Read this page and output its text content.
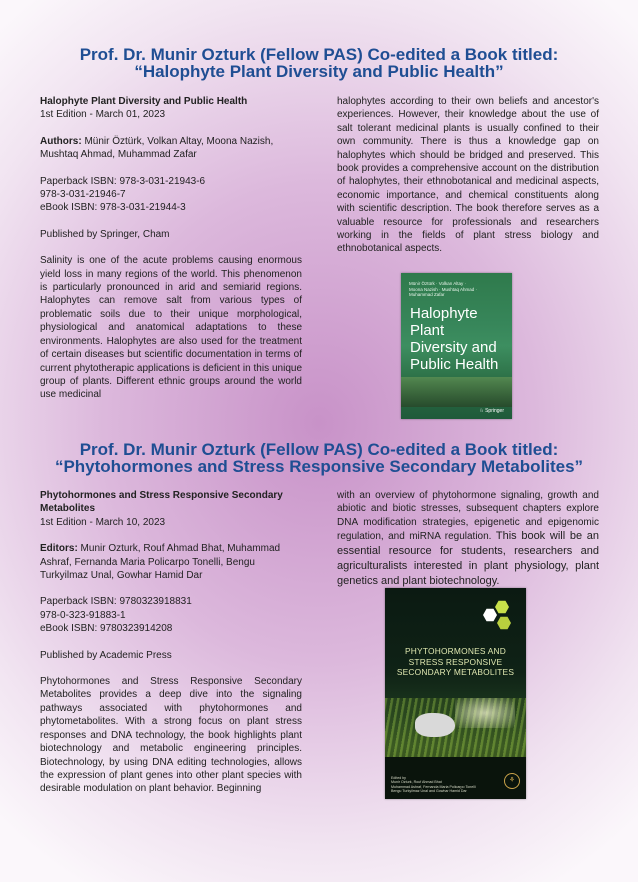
Prof. Dr. Munir Ozturk (Fellow PAS) Co-edited a Book titled:
“Halophyte Plant Diversity and Public Health”

Halophyte Plant Diversity and Public Health

1st Edition - March 01, 2023

Authors: Münir Öztürk, Volkan Altay, Moona Nazish,

Mushtaq Ahmad, Muhammad Zafar

Paperback ISBN: 978-3-031-21943-6

978-3-031-21946-7

eBook ISBN: 978-3-031-21944-3

Published by Springer, Cham

Salinity is one of the acute problems causing enormous yield loss in many regions of the world. This phenomenon is particularly pronounced in arid and semiarid regions. Halophytes can remove salt from various types of problematic soils due to their unique morphological, physiological and anatomical adaptations to these environments. Halophytes are also used for the treatment of certain diseases but scientific documentation in terms of current phytotherapic applications is deficient in this unique group of plants. Different ethnic groups around the world use medicinal

halophytes according to their own beliefs and ancestor's experiences. However, their knowledge about the use of salt tolerant medicinal plants is usually confined to their own community. There is thus a knowledge gap on halophytes which should be bridged and preserved. This book provides a comprehensive account on the distribution of halophytes, their ethnobotanical and medicinal aspects, economic importance, and chemical constituents along with scientific description. The book therefore serves as a valuable resource for professionals and researchers working in the fields of plant stress biology and ethnobotanical aspects.

Münir Öztürk · Volkan Altay ·
Moona Nazish · Mushtaq Ahmad ·
Muhammad Zafar
Halophyte
Plant
Diversity and
Public Health
♘ Springer
Prof. Dr. Munir Ozturk (Fellow PAS) Co-edited a Book titled:
“Phytohormones and Stress Responsive Secondary Metabolites”

Phytohormones and Stress Responsive Secondary

Metabolites

1st Edition - March 10, 2023

Editors: Munir Ozturk, Rouf Ahmad Bhat, Muhammad

Ashraf, Fernanda Maria Policarpo Tonelli, Bengu

Turkyilmaz Unal, Gowhar Hamid Dar

Paperback ISBN: 9780323918831

978-0-323-91883-1

eBook ISBN: 9780323914208

Published by Academic Press

Phytohormones and Stress Responsive Secondary Metabolites provides a deep dive into the signaling pathways associated with phytohormones and phytometabolites. With a strong focus on plant stress responses and DNA technology, the book highlights plant biotechnology and metabolic engineering principles. Biotechnology, by using DNA editing technologies, allows the expression of plant genes into other plant species with desirable modulation on plant behavior. Beginning

with an overview of phytohormone signaling, growth and abiotic and biotic stresses, subsequent chapters explore DNA modification strategies, epigenetic and epigenomic regulation, and miRNA regulation. This book will be an essential resource for students, researchers and agriculturalists interested in plant physiology, plant genetics and plant biotechnology.

PHYTOHORMONES AND
STRESS RESPONSIVE
SECONDARY METABOLITES
Edited by
Munir Ozturk, Rouf Ahmad Bhat
Muhammad Ashraf, Fernanda Maria Policarpo Tonelli
Bengu Turkyilmaz Unal and Gowhar Hamid Dar
⚘
